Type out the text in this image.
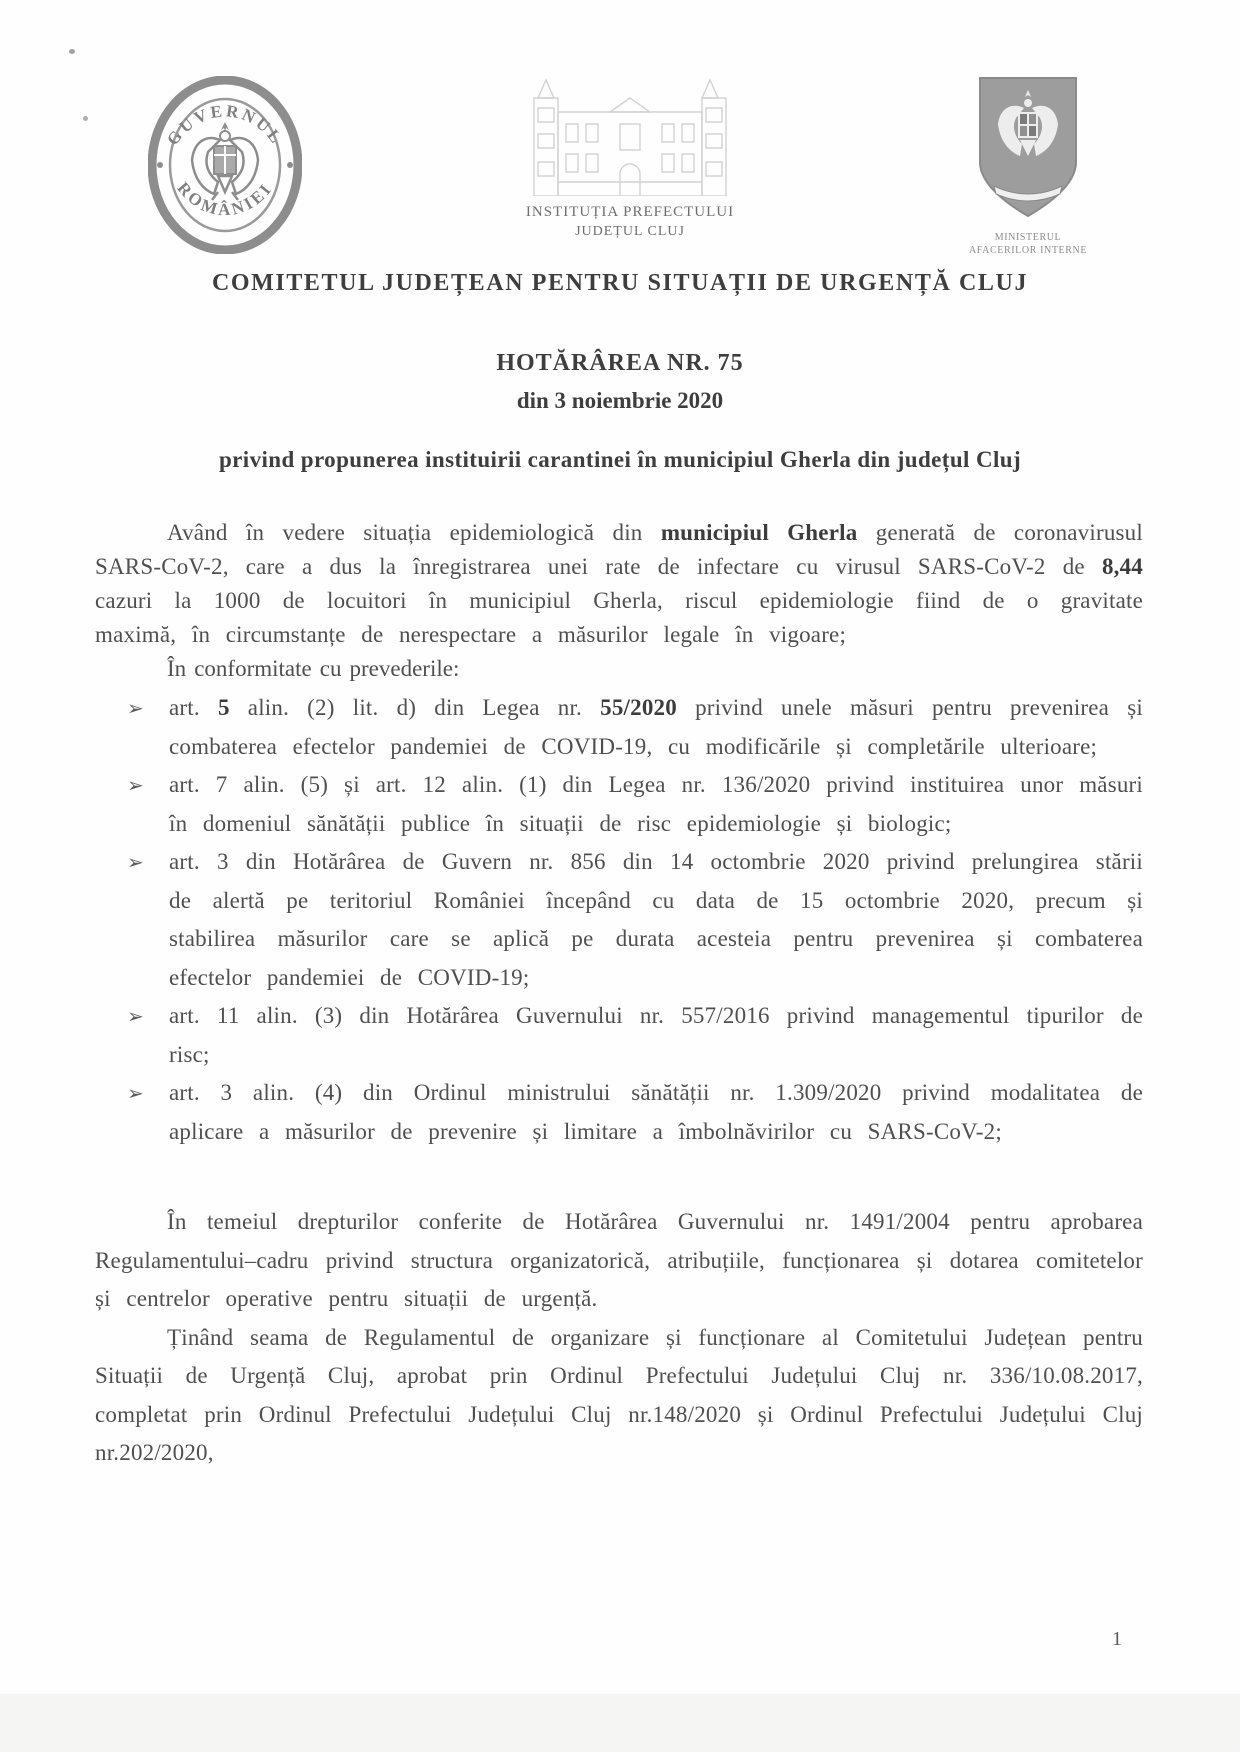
GUVERNUL
ROMÂNIEI
INSTITUȚIA PREFECTULUI
JUDEȚUL CLUJ	MINISTERUL
AFACERILOR INTERNE
COMITETUL JUDEȚEAN PENTRU SITUAȚII DE URGENȚĂ CLUJ
HOTĂRÂREA NR. 75
din 3 noiembrie 2020
privind propunerea instituirii carantinei în municipiul Gherla din județul Cluj

Având în vedere situația epidemiologică din municipiul Gherla generată de coronavirusul SARS-CoV-2, care a dus la înregistrarea unei rate de infectare cu virusul SARS-CoV-2 de 8,44 cazuri la 1000 de locuitori în municipiul Gherla, riscul epidemiologie fiind de o gravitate maximă, în circumstanțe de nerespectare a măsurilor legale în vigoare;

În conformitate cu prevederile:

➢ art. 5 alin. (2) lit. d) din Legea nr. 55/2020 privind unele măsuri pentru prevenirea și combaterea efectelor pandemiei de COVID-19, cu modificările și completările ulterioare;
➢ art. 7 alin. (5) și art. 12 alin. (1) din Legea nr. 136/2020 privind instituirea unor măsuri în domeniul sănătății publice în situații de risc epidemiologie și biologic;
➢ art. 3 din Hotărârea de Guvern nr. 856 din 14 octombrie 2020 privind prelungirea stării de alertă pe teritoriul României începând cu data de 15 octombrie 2020, precum și stabilirea măsurilor care se aplică pe durata acesteia pentru prevenirea și combaterea efectelor pandemiei de COVID-19;
➢ art. 11 alin. (3) din Hotărârea Guvernului nr. 557/2016 privind managementul tipurilor de risc;
➢ art. 3 alin. (4) din Ordinul ministrului sănătății nr. 1.309/2020 privind modalitatea de aplicare a măsurilor de prevenire și limitare a îmbolnăvirilor cu SARS-CoV-2;

În temeiul drepturilor conferite de Hotărârea Guvernului nr. 1491/2004 pentru aprobarea Regulamentului–cadru privind structura organizatorică, atribuțiile, funcționarea și dotarea comitetelor și centrelor operative pentru situații de urgență.

Ținând seama de Regulamentul de organizare și funcționare al Comitetului Județean pentru Situații de Urgență Cluj, aprobat prin Ordinul Prefectului Județului Cluj nr. 336/10.08.2017, completat prin Ordinul Prefectului Județului Cluj nr.148/2020 și Ordinul Prefectului Județului Cluj nr.202/2020,

1
